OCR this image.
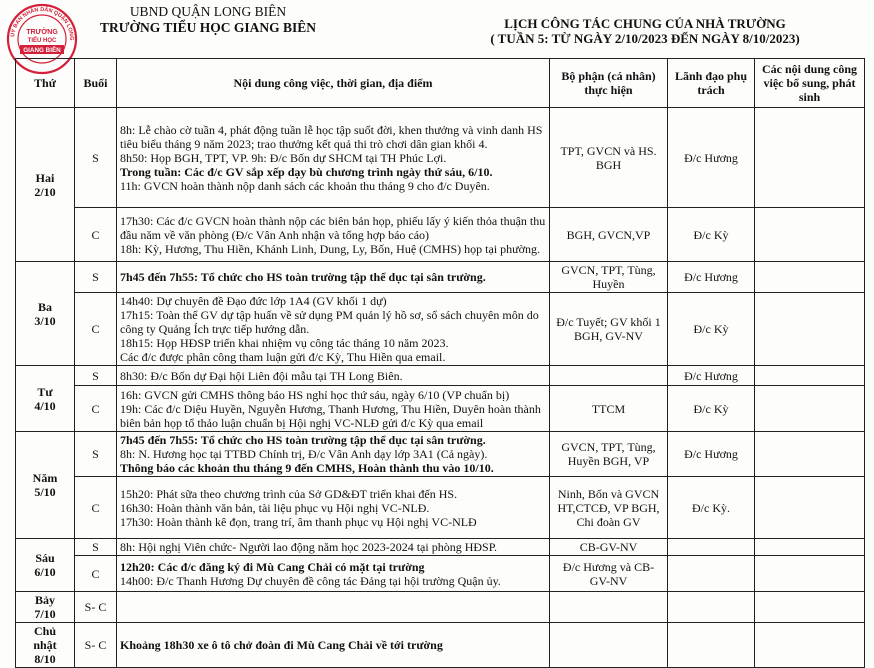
UBND QUẬN LONG BIÊN
TRƯỜNG TIỂU HỌC GIANG BIÊN
UỶ BAN NHÂN DÂN QUẬN LONG
TRƯỜNG
TIỂU HỌC
GIANG BIÊN
LỊCH CÔNG TÁC CHUNG CỦA NHÀ TRƯỜNG
( TUẦN 5: TỪ NGÀY 2/10/2023 ĐẾN NGÀY 8/10/2023)
Thứ	Buổi	Nội dung công việc, thời gian, địa điểm	Bộ phận (cá nhân) thực hiện	Lãnh đạo phụ trách	Các nội dung công việc bổ sung, phát sinh

Hai
2/10	S	8h: Lễ chào cờ tuần 4, phát động tuần lễ học tập suốt đời, khen thưởng và vinh danh HS tiêu biểu tháng 9 năm 2023; trao thưởng kết quả thi trò chơi dân gian khối 4.
8h50: Họp BGH, TPT, VP. 9h: Đ/c Bốn dự SHCM tại TH Phúc Lợi.
Trong tuần: Các đ/c GV sắp xếp dạy bù chương trình ngày thứ sáu, 6/10.
11h: GVCN hoàn thành nộp danh sách các khoản thu tháng 9 cho đ/c Duyên.	TPT, GVCN và HS. BGH	Đ/c Hương	
	C	17h30: Các đ/c GVCN hoàn thành nộp các biên bản họp, phiếu lấy ý kiến thỏa thuận thu đầu năm về văn phòng (Đ/c Vân Anh nhận và tổng hợp báo cáo)
18h: Kỳ, Hương, Thu Hiền, Khánh Linh, Dung, Ly, Bốn, Huệ (CMHS) họp tại phường.	BGH, GVCN,VP	Đ/c Kỳ	

Ba
3/10	S	7h45 đến 7h55: Tổ chức cho HS toàn trường tập thể dục tại sân trường.	GVCN, TPT, Tùng, Huyền	Đ/c Hương	
	C	14h40: Dự chuyên đề Đạo đức lớp 1A4 (GV khối 1 dự)
17h15: Toàn thể GV dự tập huấn về sử dụng PM quản lý hồ sơ, sổ sách chuyên môn do công ty Quảng Ích trực tiếp hướng dẫn.
18h15: Họp HĐSP triển khai nhiệm vụ công tác tháng 10 năm 2023.
Các đ/c được phân công tham luận gửi đ/c Kỳ, Thu Hiền qua email.	Đ/c Tuyết; GV khối 1 BGH, GV-NV	Đ/c Kỳ	

Tư
4/10	S	8h30: Đ/c Bốn dự Đại hội Liên đội mẫu tại TH Long Biên.		Đ/c Hương	
	C	16h: GVCN gửi CMHS thông báo HS nghỉ học thứ sáu, ngày 6/10 (VP chuẩn bị)
19h: Các đ/c Diệu Huyền, Nguyễn Hương, Thanh Hương, Thu Hiền, Duyên hoàn thành biên bản họp tổ thảo luận chuẩn bị Hội nghị VC-NLĐ gửi đ/c Kỳ qua email	TTCM	Đ/c Kỳ	

Năm
5/10	S	7h45 đến 7h55: Tổ chức cho HS toàn trường tập thể dục tại sân trường.
8h: N. Hương học tại TTBD Chính trị, Đ/c Vân Anh dạy lớp 3A1 (Cả ngày).
Thông báo các khoản thu tháng 9 đến CMHS, Hoàn thành thu vào 10/10.	GVCN, TPT, Tùng, Huyền BGH, VP	Đ/c Hương	
	C	15h20: Phát sữa theo chương trình của Sở GD&ĐT triển khai đến HS.
16h30: Hoàn thành văn bản, tài liệu phục vụ Hội nghị VC-NLĐ.
17h30: Hoàn thành kê đọn, trang trí, âm thanh phục vụ Hội nghị VC-NLĐ	Ninh, Bốn và GVCN HT,CTCĐ, VP BGH, Chi đoàn GV	Đ/c Kỳ.	

Sáu
6/10	S	8h: Hội nghị Viên chức- Người lao động năm học 2023-2024 tại phòng HĐSP.	CB-GV-NV		
	C	12h20: Các đ/c đăng ký đi Mù Cang Chải có mặt tại trường
14h00: Đ/c Thanh Hương Dự chuyên đề công tác Đảng tại hội trường Quận ủy.	Đ/c Hương và CB-GV-NV		

Bảy
7/10	S- C				

Chủ
nhật
8/10	S- C	Khoảng 18h30 xe ô tô chở đoàn đi Mù Cang Chải về tới trường			
